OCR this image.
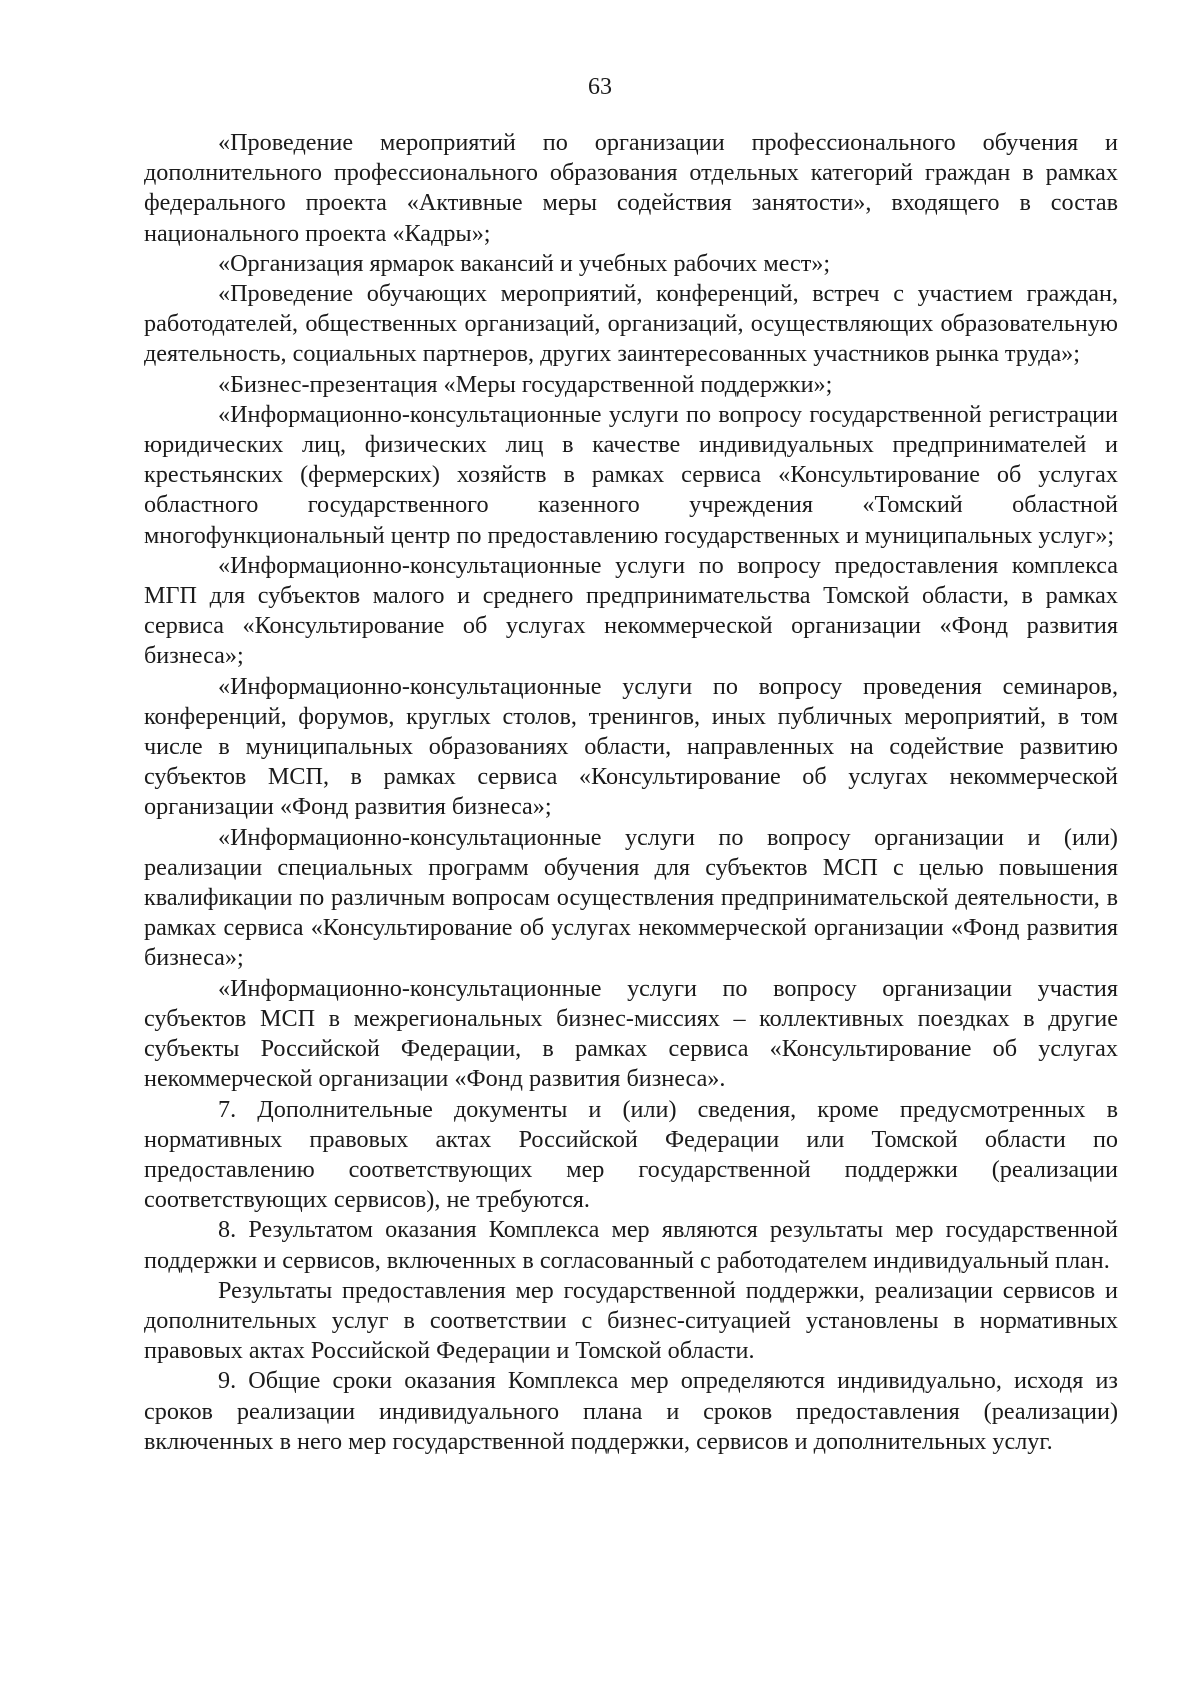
63

«Проведение мероприятий по организации профессионального обучения и дополнительного профессионального образования отдельных категорий граждан в рамках федерального проекта «Активные меры содействия занятости», входящего в состав национального проекта «Кадры»;

«Организация ярмарок вакансий и учебных рабочих мест»;

«Проведение обучающих мероприятий, конференций, встреч с участием граждан, работодателей, общественных организаций, организаций, осуществляющих образовательную деятельность, социальных партнеров, других заинтересованных участников рынка труда»;

«Бизнес-презентация «Меры государственной поддержки»;

«Информационно-консультационные услуги по вопросу государственной регистрации юридических лиц, физических лиц в качестве индивидуальных предпринимателей и крестьянских (фермерских) хозяйств в рамках сервиса «Консультирование об услугах областного государственного казенного учреждения «Томский областной многофункциональный центр по предоставлению государственных и муниципальных услуг»;

«Информационно-консультационные услуги по вопросу предоставления комплекса МГП для субъектов малого и среднего предпринимательства Томской области, в рамках сервиса «Консультирование об услугах некоммерческой организации «Фонд развития бизнеса»;

«Информационно-консультационные услуги по вопросу проведения семинаров, конференций, форумов, круглых столов, тренингов, иных публичных мероприятий, в том числе в муниципальных образованиях области, направленных на содействие развитию субъектов МСП, в рамках сервиса «Консультирование об услугах некоммерческой организации «Фонд развития бизнеса»;

«Информационно-консультационные услуги по вопросу организации и (или) реализации специальных программ обучения для субъектов МСП с целью повышения квалификации по различным вопросам осуществления предпринимательской деятельности, в рамках сервиса «Консультирование об услугах некоммерческой организации «Фонд развития бизнеса»;

«Информационно-консультационные услуги по вопросу организации участия субъектов МСП в межрегиональных бизнес-миссиях – коллективных поездках в другие субъекты Российской Федерации, в рамках сервиса «Консультирование об услугах некоммерческой организации «Фонд развития бизнеса».

7. Дополнительные документы и (или) сведения, кроме предусмотренных в нормативных правовых актах Российской Федерации или Томской области по предоставлению соответствующих мер государственной поддержки (реализации соответствующих сервисов), не требуются.

8. Результатом оказания Комплекса мер являются результаты мер государственной поддержки и сервисов, включенных в согласованный с работодателем индивидуальный план.

Результаты предоставления мер государственной поддержки, реализации сервисов и дополнительных услуг в соответствии с бизнес-ситуацией установлены в нормативных правовых актах Российской Федерации и Томской области.

9. Общие сроки оказания Комплекса мер определяются индивидуально, исходя из сроков реализации индивидуального плана и сроков предоставления (реализации) включенных в него мер государственной поддержки, сервисов и дополнительных услуг.
